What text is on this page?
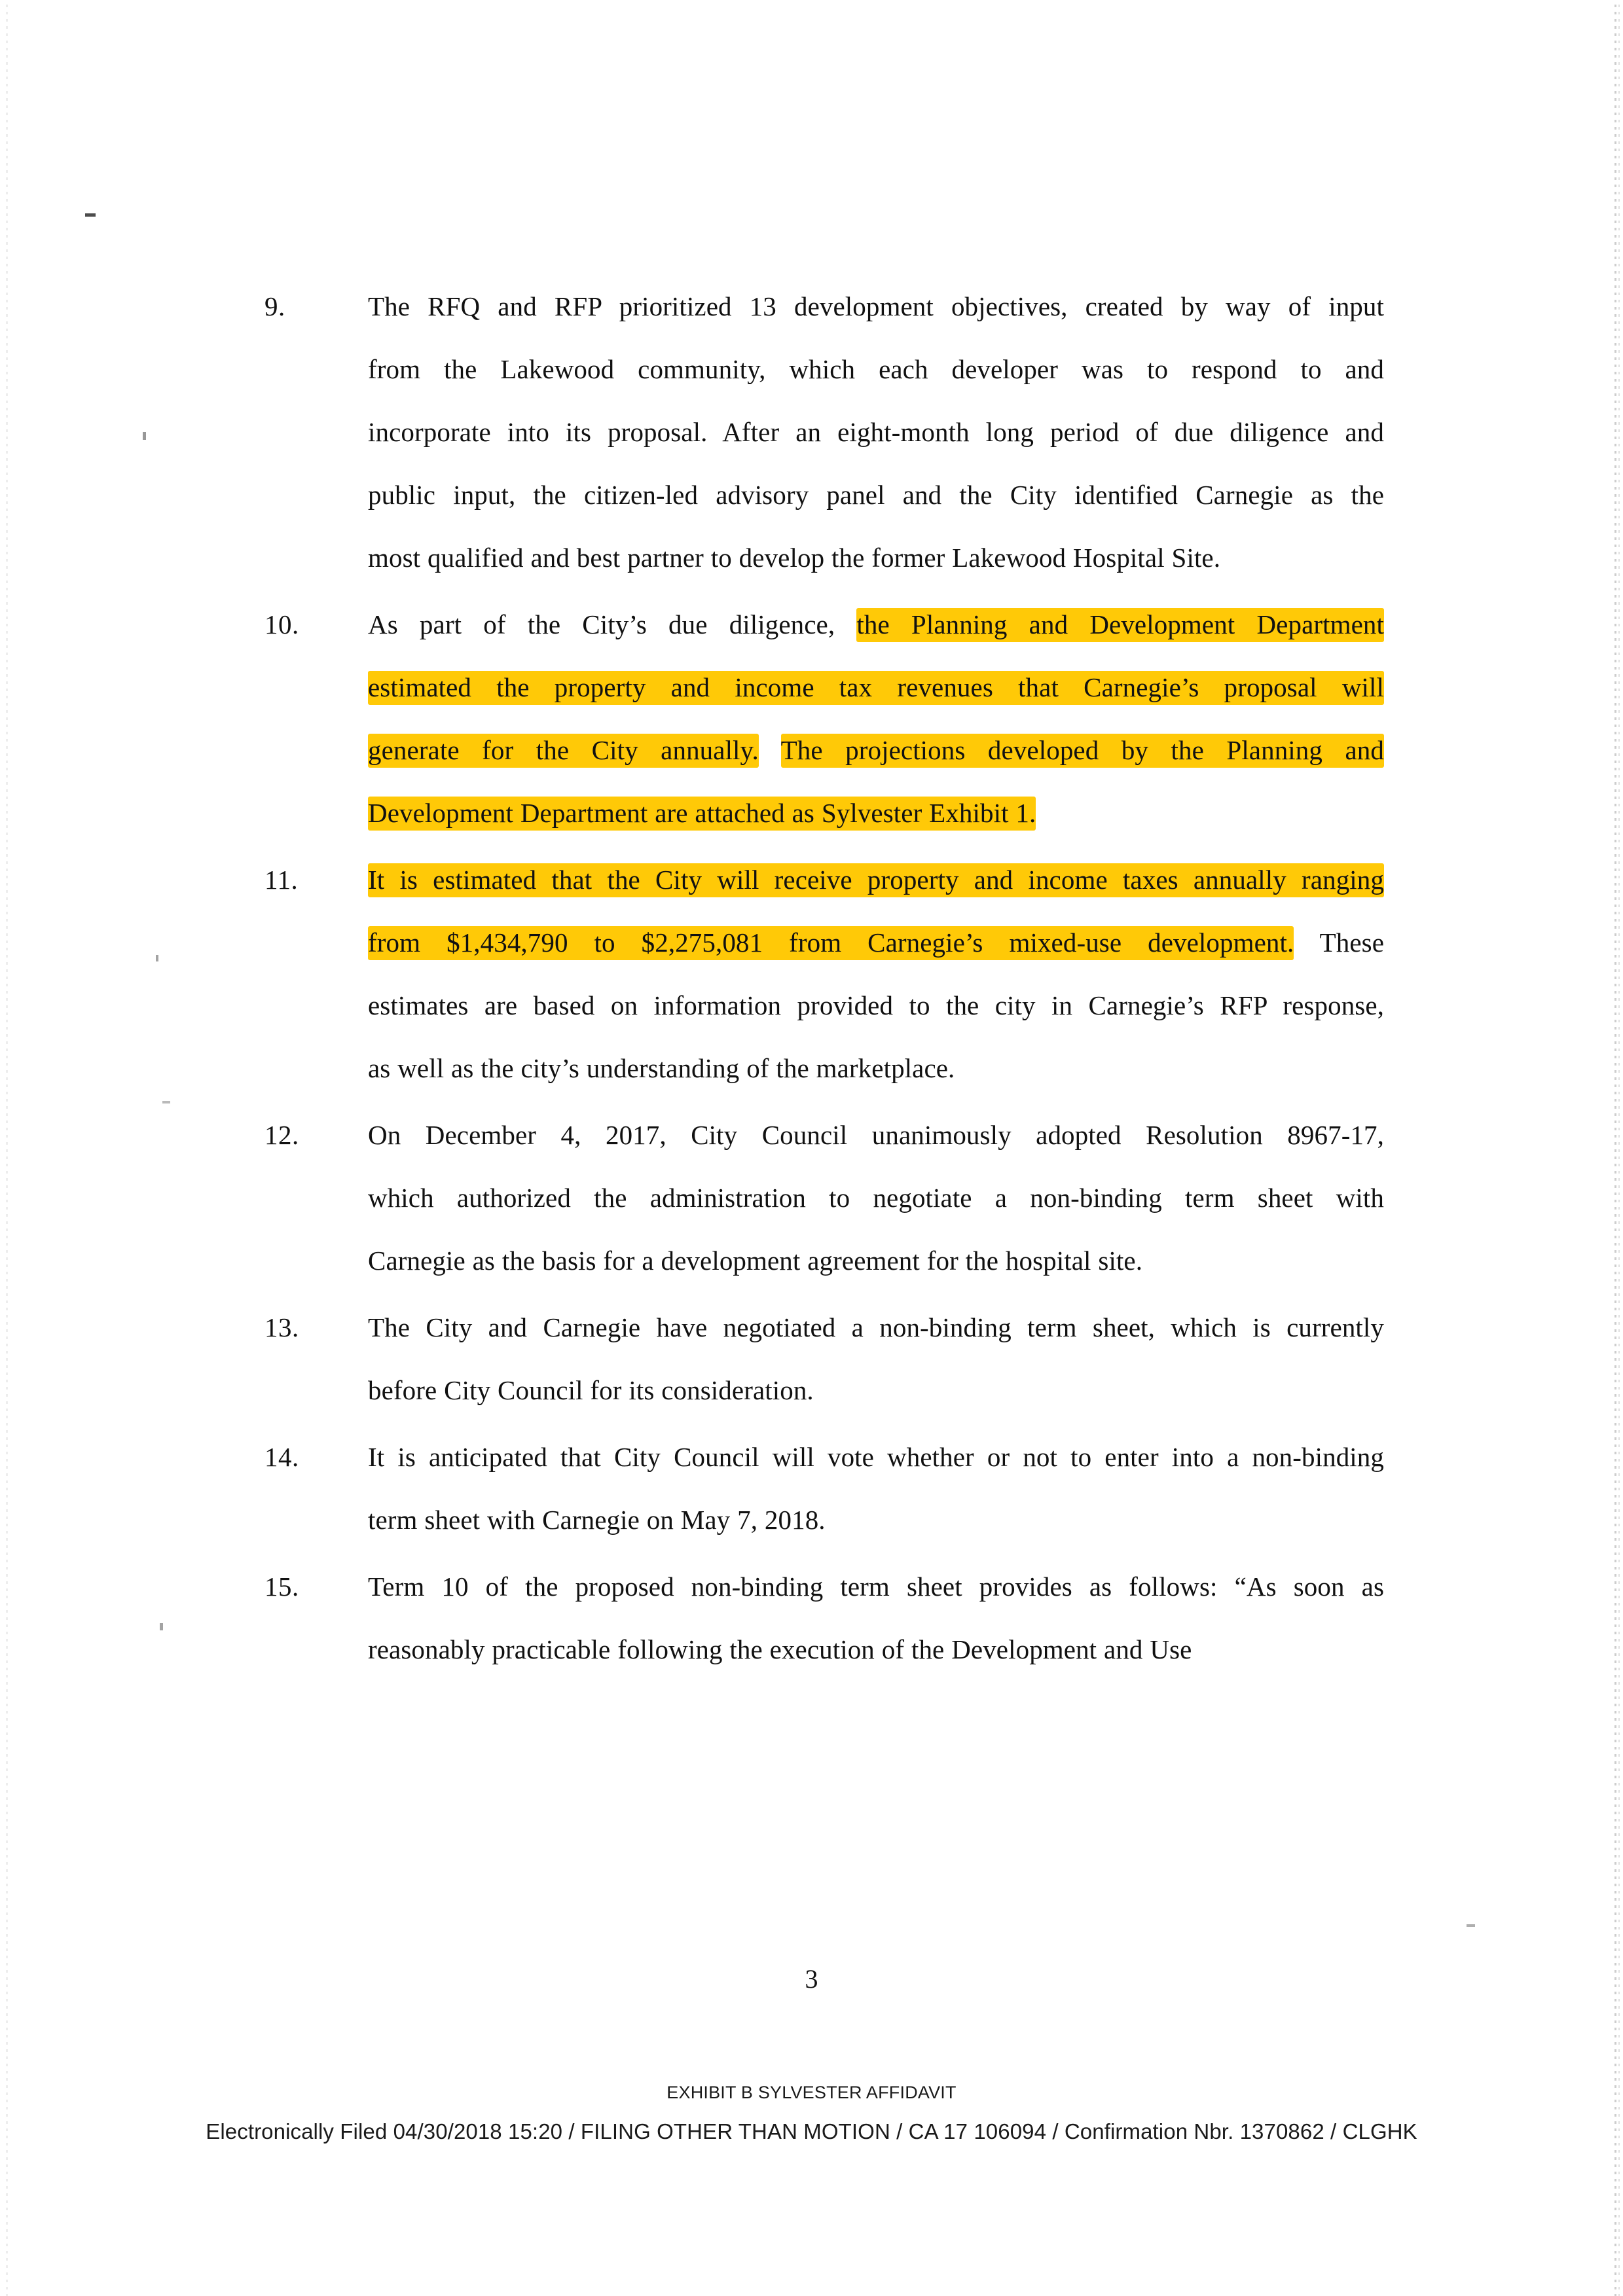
9.	The RFQ and RFP prioritized 13 development objectives, created by way of input
from the Lakewood community, which each developer was to respond to and
incorporate into its proposal. After an eight-month long period of due diligence and
public input, the citizen-led advisory panel and the City identified Carnegie as the
most qualified and best partner to develop the former Lakewood Hospital Site.
10.	As part of the City’s due diligence, the Planning and Development Department
estimated the property and income tax revenues that Carnegie’s proposal will
generate for the City annually. The projections developed by the Planning and
Development Department are attached as Sylvester Exhibit 1.
11.	It is estimated that the City will receive property and income taxes annually ranging
from $1,434,790 to $2,275,081 from Carnegie’s mixed-use development. These
estimates are based on information provided to the city in Carnegie’s RFP response,
as well as the city’s understanding of the marketplace.
12.	On December 4, 2017, City Council unanimously adopted Resolution 8967-17,
which authorized the administration to negotiate a non-binding term sheet with
Carnegie as the basis for a development agreement for the hospital site.
13.	The City and Carnegie have negotiated a non-binding term sheet, which is currently
before City Council for its consideration.
14.	It is anticipated that City Council will vote whether or not to enter into a non-binding
term sheet with Carnegie on May 7, 2018.
15.	Term 10 of the proposed non-binding term sheet provides as follows: “As soon as
reasonably practicable following the execution of the Development and Use
3
EXHIBIT B SYLVESTER AFFIDAVIT
Electronically Filed 04/30/2018 15:20 / FILING OTHER THAN MOTION / CA 17 106094 / Confirmation Nbr. 1370862 / CLGHK
